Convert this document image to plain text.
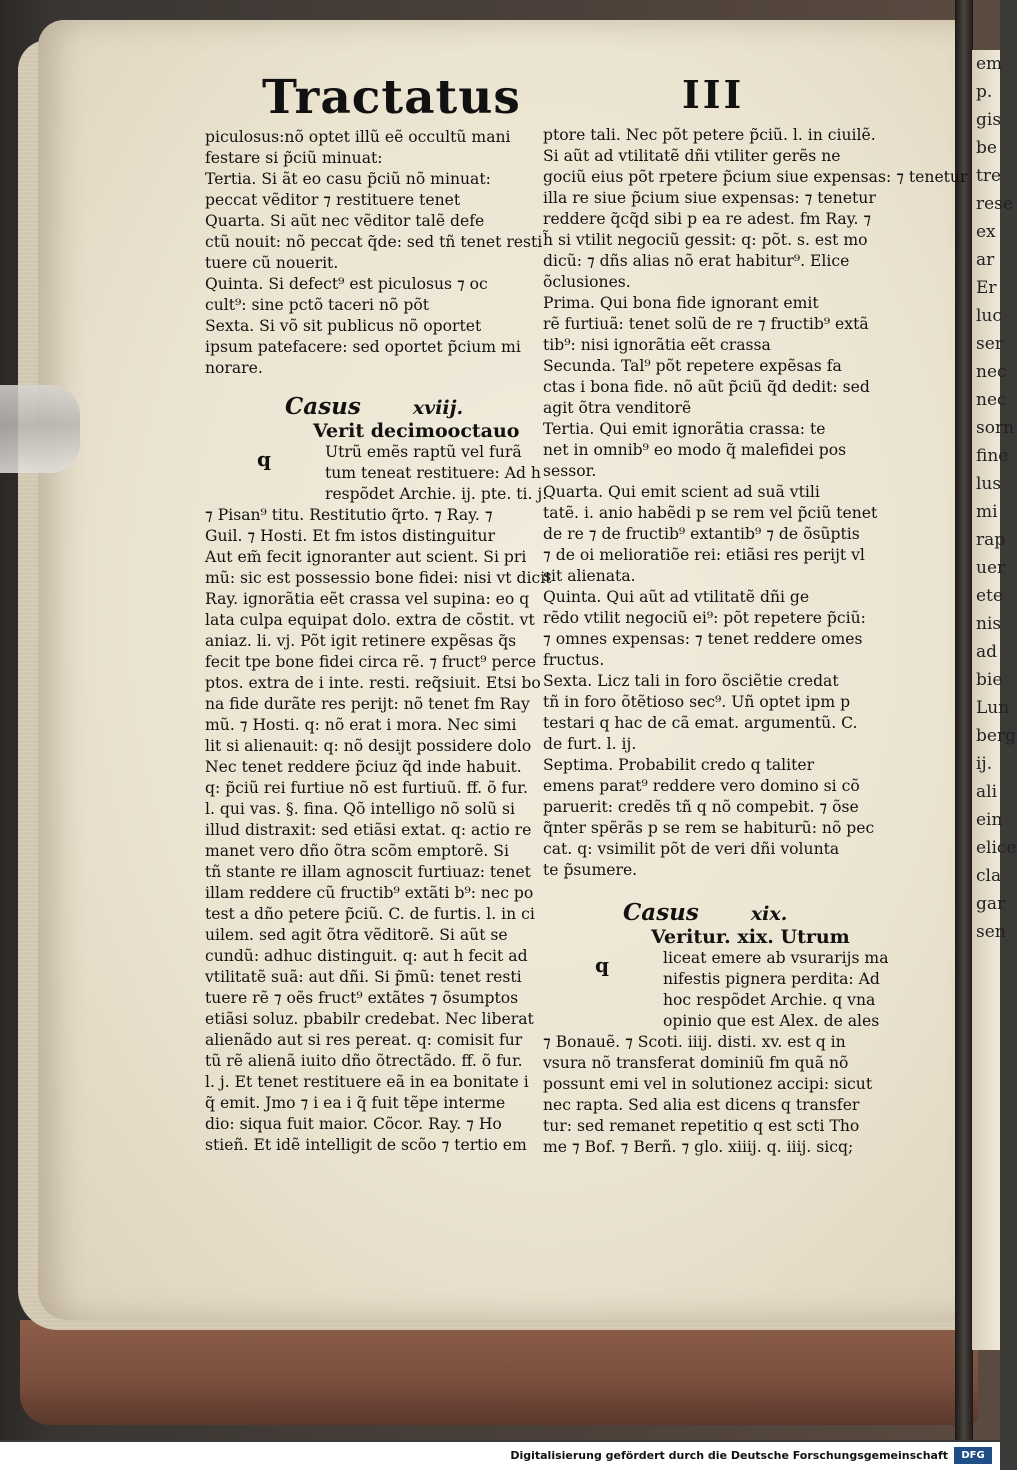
em
p.
gis
be
tre
rese
ex
ar
Er
luc
ser
nec
nec
sorn
fine
lus
mi
rap
uer
ete
nis
ad
bie
Lun
berg
ij.
ali
ein
elice
cla
gar
sen
Tractatus	III
piculosus:nõ optet illũ eẽ occultũ mani
festare si p̃ciũ minuat:
Tertia. Si ãt eo casu p̃ciũ nõ minuat:
peccat vẽditor ⁊ restituere tenet
Quarta. Si aũt nec vẽditor talẽ defe
ctũ nouit: nõ peccat q̃de: sed tñ tenet resti
tuere cũ nouerit.
Quinta. Si defect⁹ est piculosus ⁊ oc
cult⁹: sine pctõ taceri nõ põt
Sexta. Si võ sit publicus nõ oportet
ipsum patefacere: sed oportet p̃cium mi
norare.
Casus	xviij.
q
Verit decimooctauo
Utrũ emẽs raptũ vel furã
tum teneat restituere: Ad h
respõdet Archie. ij. pte. ti. j.
⁊ Pisan⁹ titu. Restitutio q̃rto. ⁊ Ray. ⁊
Guil. ⁊ Hosti. Et fm istos distinguitur
Aut em̃ fecit ignoranter aut scient. Si pri
mũ: sic est possessio bone fidei: nisi vt dicit
Ray. ignorãtia eẽt crassa vel supina: eo q
lata culpa equipat dolo. extra de cõstit. vt
aniaz. li. vj. Põt igit retinere expẽsas q̃s
fecit tpe bone fidei circa rẽ. ⁊ fruct⁹ perce
ptos. extra de i inte. resti. req̃siuit. Etsi bo
na fide durãte res perijt: nõ tenet fm Ray
mũ. ⁊ Hosti. q: nõ erat i mora. Nec simi
lit si alienauit: q: nõ desijt possidere dolo
Nec tenet reddere p̃ciuz q̃d inde habuit.
q: p̃ciũ rei furtiue nõ est furtiuũ. ff. õ fur.
l. qui vas. §. fina. Qõ intelligo nõ solũ si
illud distraxit: sed etiãsi extat. q: actio re
manet vero dño õtra scõm emptorẽ. Si
tñ stante re illam agnoscit furtiuaz: tenet
illam reddere cũ fructib⁹ extãti b⁹: nec po
test a dño petere p̃ciũ. C. de furtis. l. in ci
uilem. sed agit õtra vẽditorẽ. Si aũt se
cundũ: adhuc distinguit. q: aut h fecit ad
vtilitatẽ suã: aut dñi. Si p̃mũ: tenet resti
tuere rẽ ⁊ oẽs fruct⁹ extãtes ⁊ õsumptos
etiãsi soluz. pbabilr credebat. Nec liberat
alienãdo aut si res pereat. q: comisit fur
tũ rẽ alienã iuito dño õtrectãdo. ff. õ fur.
l. j. Et tenet restituere eã in ea bonitate i
q̃ emit. Jmo ⁊ i ea i q̃ fuit tẽpe interme
dio: siqua fuit maior. Cõcor. Ray. ⁊ Ho
stieñ. Et idẽ intelligit de scõo ⁊ tertio em
ptore tali. Nec põt petere p̃ciũ. l. in ciuilẽ.
Si aũt ad vtilitatẽ dñi vtiliter gerẽs ne
gociũ eius põt rpetere p̃cium siue expensas: ⁊ tenetur
illa re siue p̃cium siue expensas: ⁊ tenetur
reddere q̃cq̃d sibi p ea re adest. fm Ray. ⁊
h̃ si vtilit negociũ gessit: q: põt. s. est mo
dicũ: ⁊ dñs alias nõ erat habitur⁹. Elice
õclusiones.
Prima. Qui bona fide ignorant emit
rẽ furtiuã: tenet solũ de re ⁊ fructib⁹ extã
tib⁹: nisi ignorãtia eẽt crassa
Secunda. Tal⁹ põt repetere expẽsas fa
ctas i bona fide. nõ aũt p̃ciũ q̃d dedit: sed
agit õtra venditorẽ
Tertia. Qui emit ignorãtia crassa: te
net in omnib⁹ eo modo q̃ malefidei pos
sessor.
Quarta. Qui emit scient ad suã vtili
tatẽ. i. anio habẽdi p se rem vel p̃ciũ tenet
de re ⁊ de fructib⁹ extantib⁹ ⁊ de õsũptis
⁊ de oi melioratiõe rei: etiãsi res perijt vl
sit alienata.
Quinta. Qui aũt ad vtilitatẽ dñi ge
rẽdo vtilit negociũ ei⁹: põt repetere p̃ciũ:
⁊ omnes expensas: ⁊ tenet reddere omes
fructus.
Sexta. Licz tali in foro õsciẽtie credat
tñ in foro õtẽtioso sec⁹. Uñ optet ipm p
testari q hac de cã emat. argumentũ. C.
de furt. l. ij.
Septima. Probabilit credo q taliter
emens parat⁹ reddere vero domino si cõ
paruerit: credẽs tñ q nõ compebit. ⁊ õse
q̃nter spẽrãs p se rem se habiturũ: nõ pec
cat. q: vsimilit põt de veri dñi volunta
te p̃sumere.
Casus	xix.
q
Veritur. xix. Utrum
liceat emere ab vsurarijs ma
nifestis pignera perdita: Ad
hoc respõdet Archie. q vna
opinio que est Alex. de ales
⁊ Bonauẽ. ⁊ Scoti. iiij. disti. xv. est q in
vsura nõ transferat dominiũ fm quã nõ
possunt emi vel in solutionez accipi: sicut
nec rapta. Sed alia est dicens q transfer
tur: sed remanet repetitio q est scti Tho
me ⁊ Bof. ⁊ Berñ. ⁊ glo. xiiij. q. iiij. sicq;
Digitalisierung gefördert durch die Deutsche Forschungsgemeinschaft	DFG
